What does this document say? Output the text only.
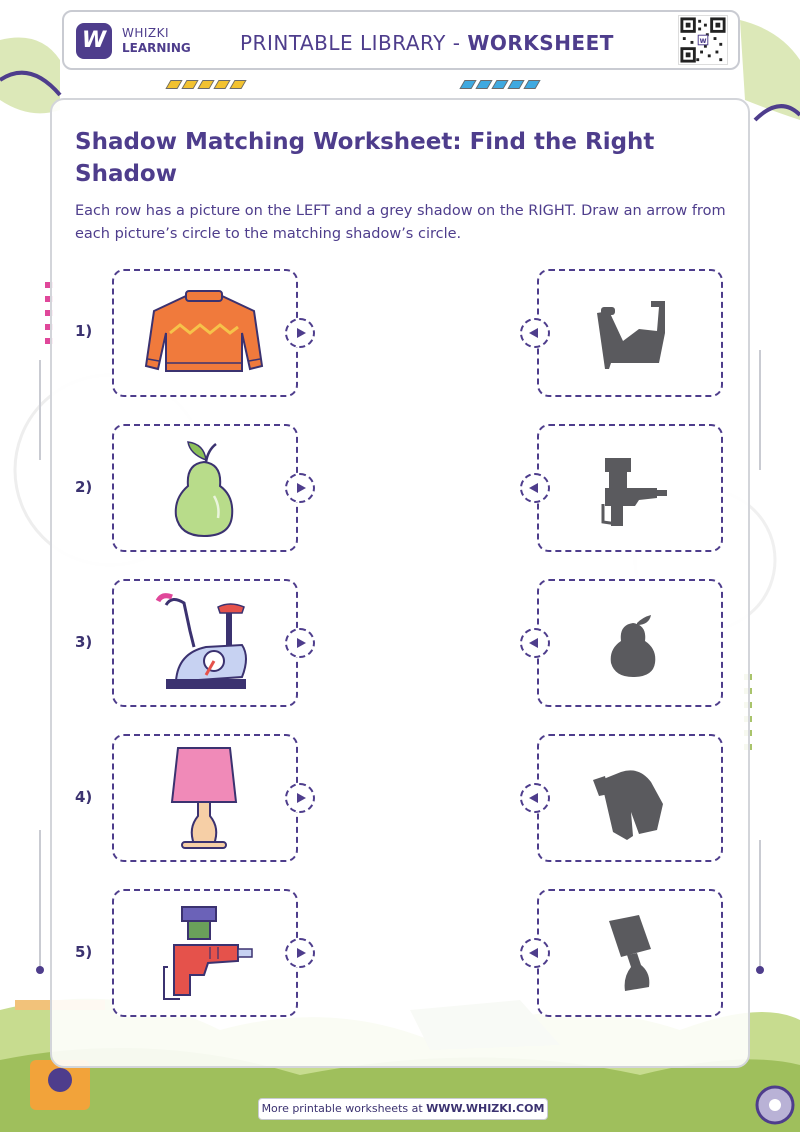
W	WHIZKI
LEARNING PRINTABLE LIBRARY - WORKSHEET	w
Shadow Matching Worksheet: Find the Right Shadow

Each row has a picture on the LEFT and a grey shadow on the RIGHT. Draw an arrow from each picture’s circle to the matching shadow’s circle.

1)
2)
3)
4)
5)
More printable worksheets at WWW.WHIZKI.COM
